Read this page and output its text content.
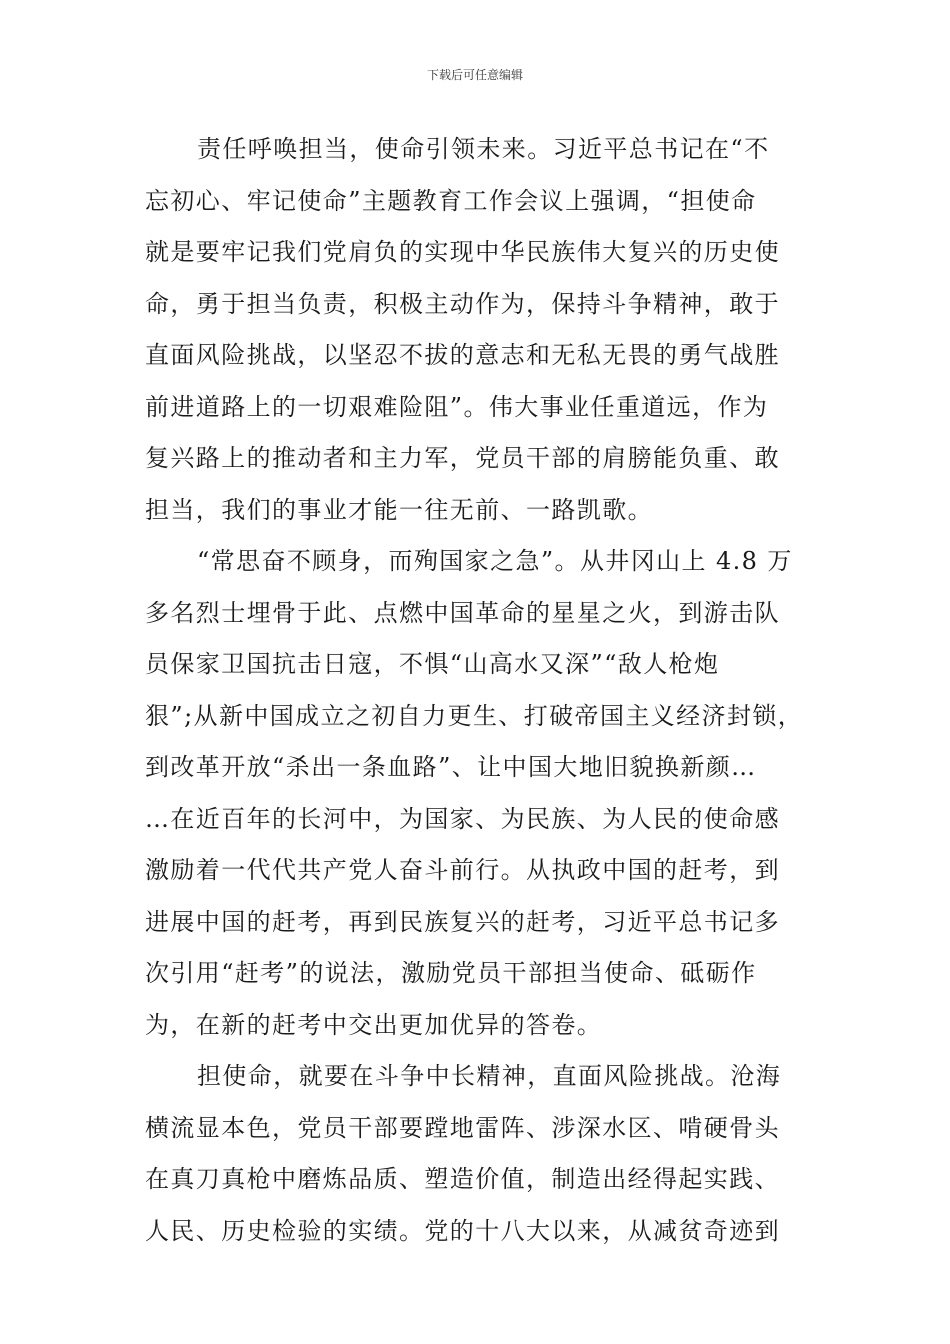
下载后可任意编辑
责任呼唤担当，使命引领未来。习近平总书记在“不
忘初心、牢记使命”主题教育工作会议上强调，“担使命
就是要牢记我们党肩负的实现中华民族伟大复兴的历史使
命，勇于担当负责，积极主动作为，保持斗争精神，敢于
直面风险挑战，以坚忍不拔的意志和无私无畏的勇气战胜
前进道路上的一切艰难险阻”。伟大事业任重道远，作为
复兴路上的推动者和主力军，党员干部的肩膀能负重、敢
担当，我们的事业才能一往无前、一路凯歌。
“常思奋不顾身，而殉国家之急”。从井冈山上 4.8 万
多名烈士埋骨于此、点燃中国革命的星星之火，到游击队
员保家卫国抗击日寇，不惧“山高水又深”“敌人枪炮
狠”;从新中国成立之初自力更生、打破帝国主义经济封锁，
到改革开放“杀出一条血路”、让中国大地旧貌换新颜…
…在近百年的长河中，为国家、为民族、为人民的使命感
激励着一代代共产党人奋斗前行。从执政中国的赶考，到
进展中国的赶考，再到民族复兴的赶考，习近平总书记多
次引用“赶考”的说法，激励党员干部担当使命、砥砺作
为，在新的赶考中交出更加优异的答卷。
担使命，就要在斗争中长精神，直面风险挑战。沧海
横流显本色，党员干部要蹚地雷阵、涉深水区、啃硬骨头
在真刀真枪中磨炼品质、塑造价值，制造出经得起实践、
人民、历史检验的实绩。党的十八大以来，从减贫奇迹到
